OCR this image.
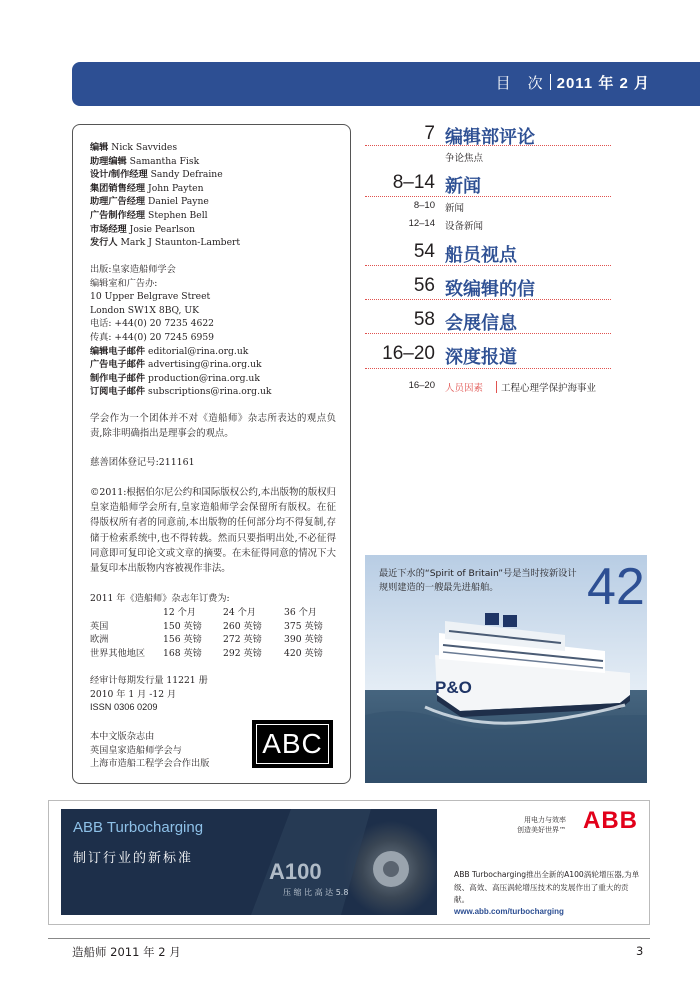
目　次 2011 年 2 月
编辑 Nick Savvides
助理编辑 Samantha Fisk
设计/制作经理 Sandy Defraine
集团销售经理 John Payten
助理广告经理 Daniel Payne
广告制作经理 Stephen Bell
市场经理 Josie Pearlson
发行人 Mark J Staunton-Lambert
出版:皇家造船师学会
编辑室和广告办:
10 Upper Belgrave Street
London SW1X 8BQ, UK
电话: +44(0) 20 7235 4622
传真: +44(0) 20 7245 6959
编辑电子邮件 editorial@rina.org.uk
广告电子邮件 advertising@rina.org.uk
制作电子邮件 production@rina.org.uk
订阅电子邮件 subscriptions@rina.org.uk
学会作为一个团体并不对《造船师》杂志所表达的观点负责,除非明确指出是理事会的观点。
慈善团体登记号:211161
©2011:根据伯尔尼公约和国际版权公约,本出版物的版权归皇家造船师学会所有,皇家造船师学会保留所有版权。在征得版权所有者的同意前,本出版物的任何部分均不得复制,存储于检索系统中,也不得转载。然而只要指明出处,不必征得同意即可复印论文或文章的摘要。在未征得同意的情况下大量复印本出版物内容被视作非法。
2011 年《造船师》杂志年订费为:
	12 个月	24 个月	36 个月
英国	150 英镑	260 英镑	375 英镑
欧洲	156 英镑	272 英镑	390 英镑
世界其他地区	168 英镑	292 英镑	420 英镑
经审计每期发行量 11221 册
2010 年 1 月 -12 月
ISSN 0306 0209
本中文版杂志由
英国皇家造船师学会与
上海市造船工程学会合作出版
ABC
7 编辑部评论
争论焦点
8–14 新闻
8–10 新闻
12–14 设备新闻
54 船员视点
56 致编辑的信
58 会展信息
16–20 深度报道
16–20 人员因素 工程心理学保护海事业
P&O
最近下水的“Spirit of Britain”号是当时按新设计规则建造的一艘最先进船舶。	42
ABB Turbocharging
制订行业的新标准
A100
压 缩 比 高 达 5.8
用电力与效率
创造美好世界™ ABB
ABB Turbocharging推出全新的A100涡轮增压器,为单级、高效、高压涡轮增压技术的发展作出了重大的贡献。
www.abb.com/turbocharging
造船师 2011 年 2 月	3
